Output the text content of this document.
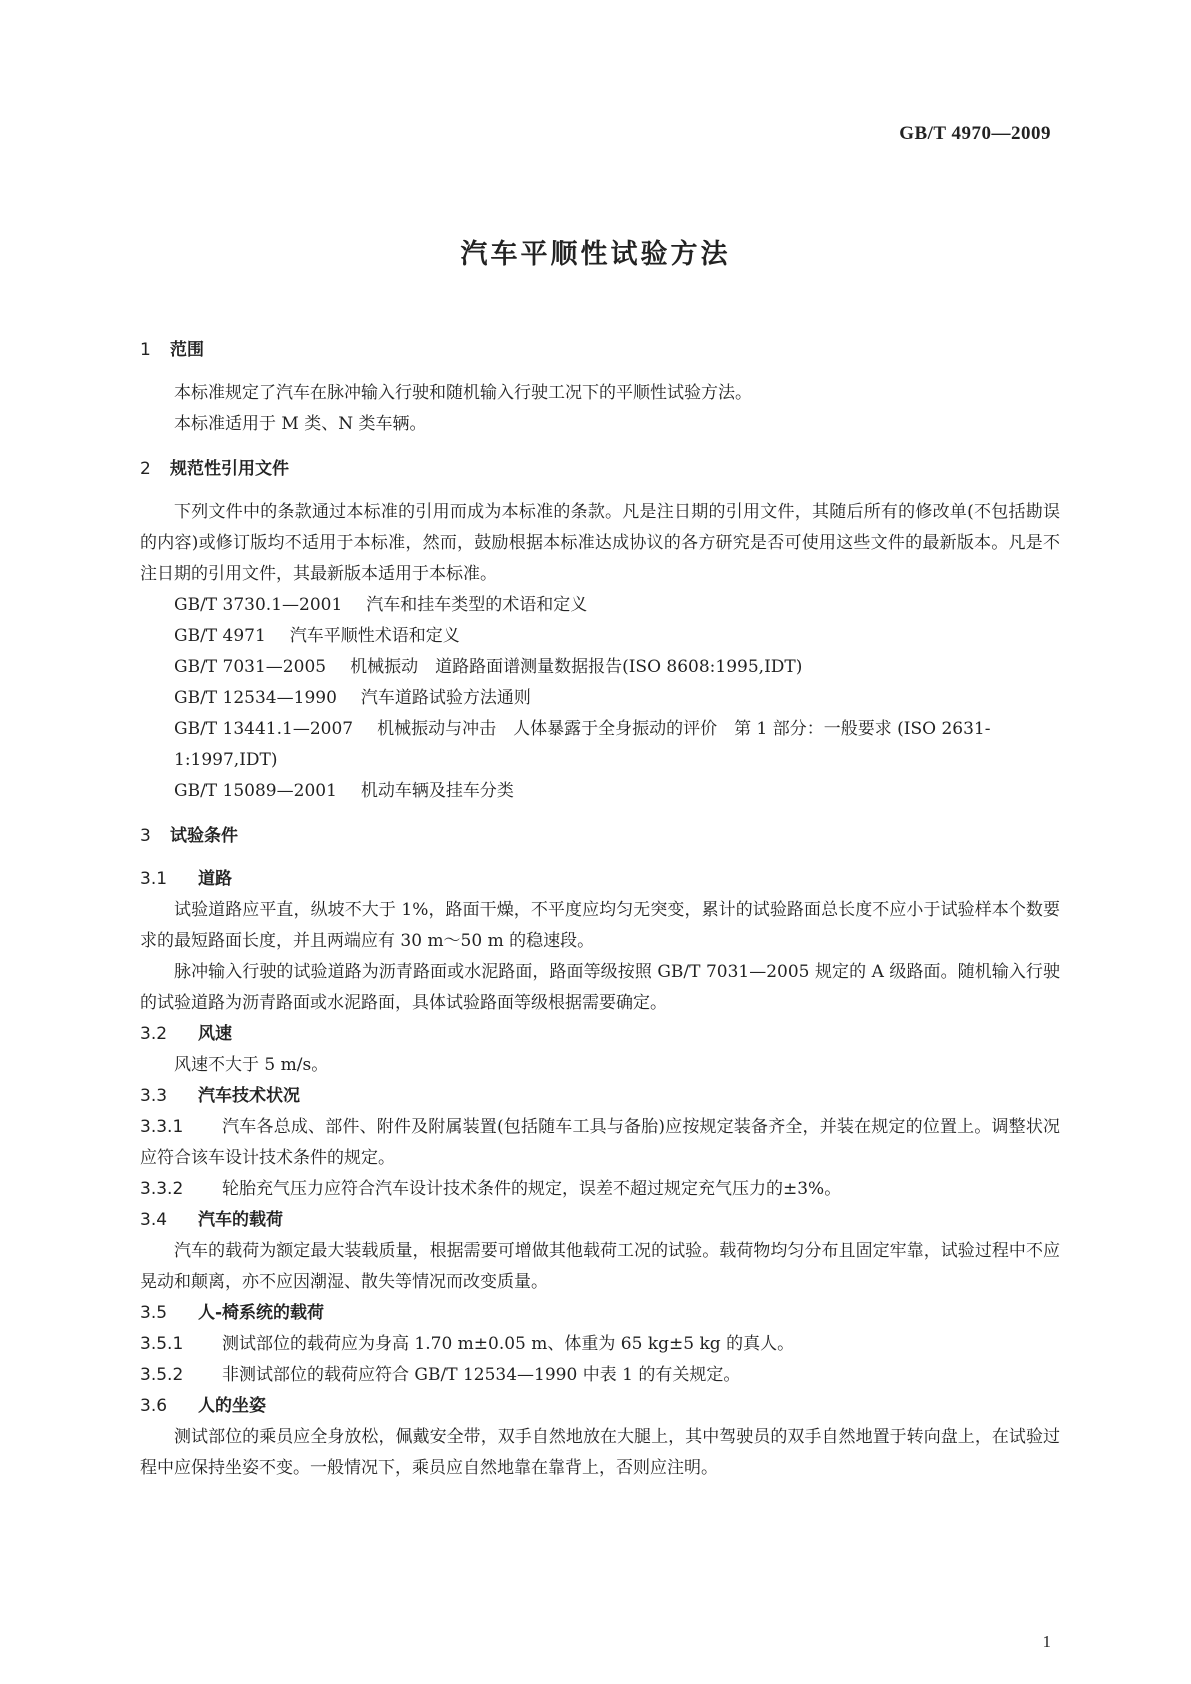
GB/T 4970—2009
汽车平顺性试验方法
1 范围

本标准规定了汽车在脉冲输入行驶和随机输入行驶工况下的平顺性试验方法。

本标准适用于 M 类、N 类车辆。

2 规范性引用文件

下列文件中的条款通过本标准的引用而成为本标准的条款。凡是注日期的引用文件，其随后所有的修改单(不包括勘误的内容)或修订版均不适用于本标准，然而，鼓励根据本标准达成协议的各方研究是否可使用这些文件的最新版本。凡是不注日期的引用文件，其最新版本适用于本标准。

GB/T 3730.1—2001 汽车和挂车类型的术语和定义

GB/T 4971 汽车平顺性术语和定义

GB/T 7031—2005 机械振动　道路路面谱测量数据报告(ISO 8608:1995,IDT)

GB/T 12534—1990 汽车道路试验方法通则

GB/T 13441.1—2007 机械振动与冲击　人体暴露于全身振动的评价　第 1 部分：一般要求 (ISO 2631-1:1997,IDT)

GB/T 15089—2001 机动车辆及挂车分类

3 试验条件
3.1 道路

试验道路应平直，纵坡不大于 1%，路面干燥，不平度应均匀无突变，累计的试验路面总长度不应小于试验样本个数要求的最短路面长度，并且两端应有 30 m～50 m 的稳速段。

脉冲输入行驶的试验道路为沥青路面或水泥路面，路面等级按照 GB/T 7031—2005 规定的 A 级路面。随机输入行驶的试验道路为沥青路面或水泥路面，具体试验路面等级根据需要确定。

3.2 风速

风速不大于 5 m/s。

3.3 汽车技术状况

3.3.1 汽车各总成、部件、附件及附属装置(包括随车工具与备胎)应按规定装备齐全，并装在规定的位置上。调整状况应符合该车设计技术条件的规定。

3.3.2 轮胎充气压力应符合汽车设计技术条件的规定，误差不超过规定充气压力的±3%。

3.4 汽车的载荷

汽车的载荷为额定最大装载质量，根据需要可增做其他载荷工况的试验。载荷物均匀分布且固定牢靠，试验过程中不应晃动和颠离，亦不应因潮湿、散失等情况而改变质量。

3.5 人-椅系统的载荷

3.5.1 测试部位的载荷应为身高 1.70 m±0.05 m、体重为 65 kg±5 kg 的真人。

3.5.2 非测试部位的载荷应符合 GB/T 12534—1990 中表 1 的有关规定。

3.6 人的坐姿

测试部位的乘员应全身放松，佩戴安全带，双手自然地放在大腿上，其中驾驶员的双手自然地置于转向盘上，在试验过程中应保持坐姿不变。一般情况下，乘员应自然地靠在靠背上，否则应注明。

1
